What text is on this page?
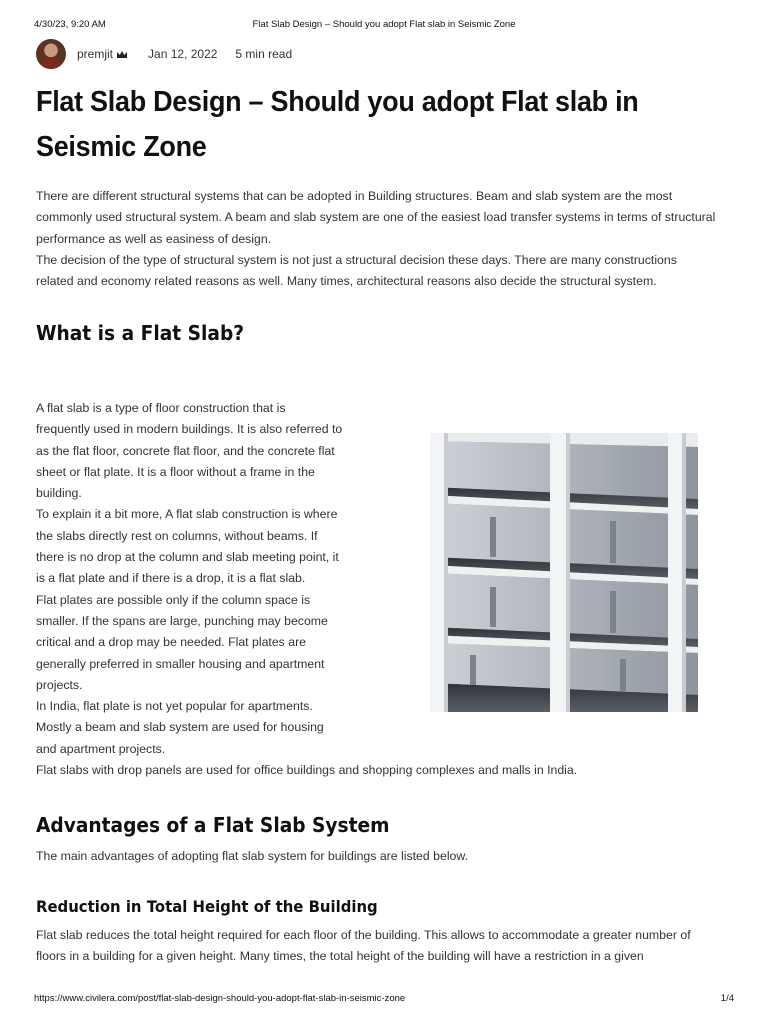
4/30/23, 9:20 AM	Flat Slab Design – Should you adopt Flat slab in Seismic Zone
premjit	Jan 12, 2022 5 min read
Flat Slab Design – Should you adopt Flat slab in Seismic Zone

There are different structural systems that can be adopted in Building structures. Beam and slab system are the most
commonly used structural system. A beam and slab system are one of the easiest load transfer systems in terms of structural
performance as well as easiness of design.
The decision of the type of structural system is not just a structural decision these days. There are many constructions
related and economy related reasons as well. Many times, architectural reasons also decide the structural system.

What is a Flat Slab?

A flat slab is a type of floor construction that is
frequently used in modern buildings. It is also referred to
as the flat floor, concrete flat floor, and the concrete flat
sheet or flat plate. It is a floor without a frame in the
building.
To explain it a bit more, A flat slab construction is where
the slabs directly rest on columns, without beams. If
there is no drop at the column and slab meeting point, it
is a flat plate and if there is a drop, it is a flat slab.
Flat plates are possible only if the column space is
smaller. If the spans are large, punching may become
critical and a drop may be needed. Flat plates are
generally preferred in smaller housing and apartment
projects.
In India, flat plate is not yet popular for apartments.
Mostly a beam and slab system are used for housing
and apartment projects.

Flat slabs with drop panels are used for office buildings and shopping complexes and malls in India.

Advantages of a Flat Slab System

The main advantages of adopting flat slab system for buildings are listed below.

Reduction in Total Height of the Building

Flat slab reduces the total height required for each floor of the building. This allows to accommodate a greater number of
floors in a building for a given height. Many times, the total height of the building will have a restriction in a given

https://www.civilera.com/post/flat-slab-design-should-you-adopt-flat-slab-in-seismic-zone	1/4
